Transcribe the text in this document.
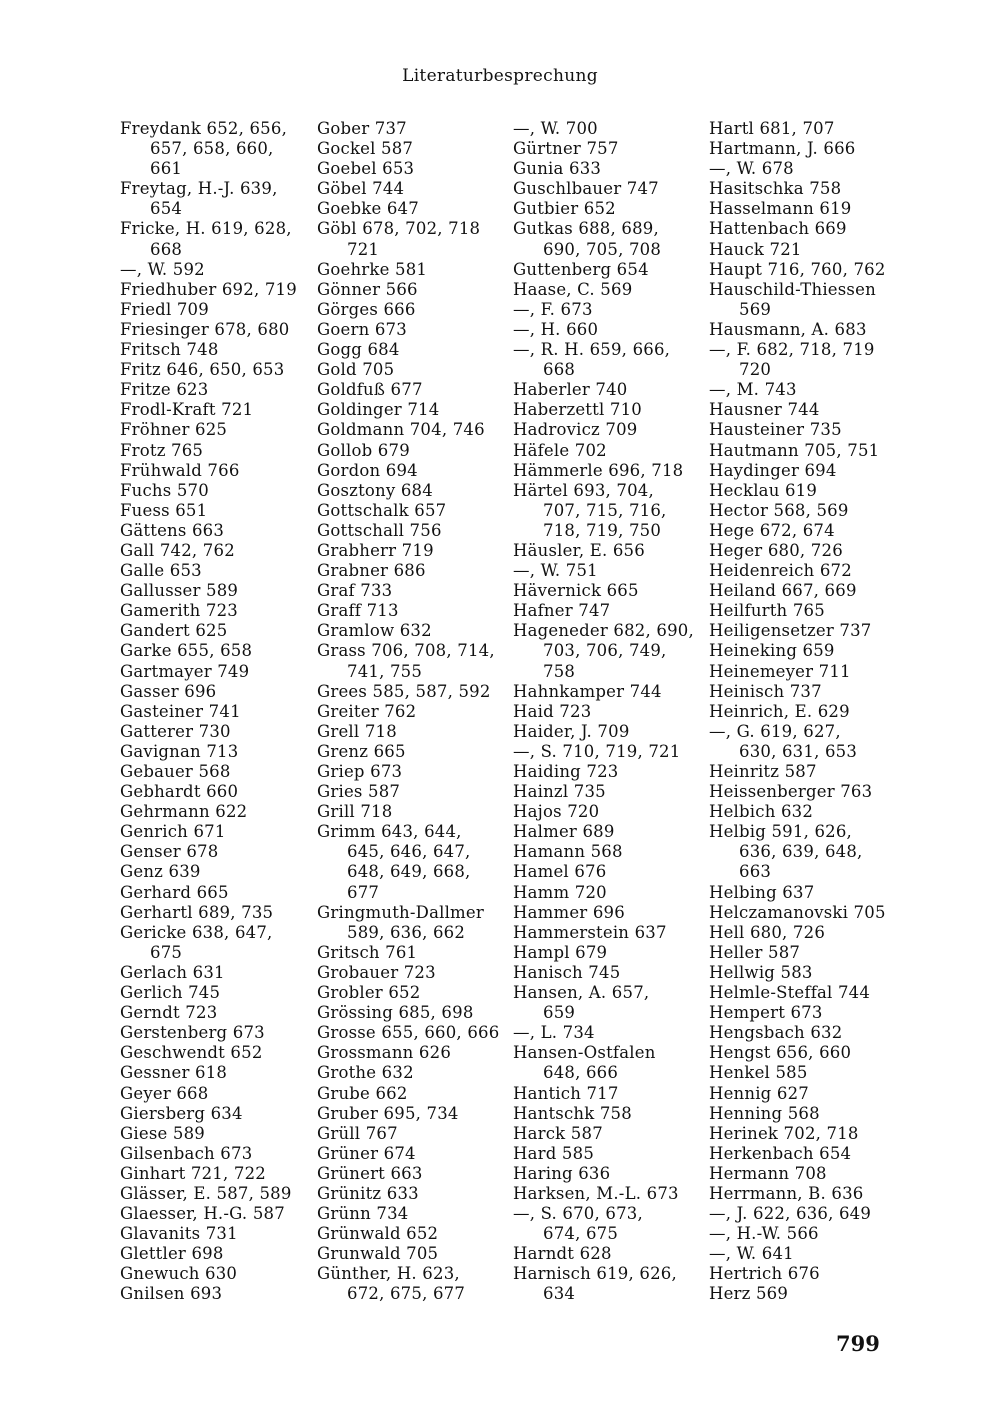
Literaturbesprechung
Freydank 652, 656,
657, 658, 660,
661
Freytag, H.-J. 639,
654
Fricke, H. 619, 628,
668
—, W. 592
Friedhuber 692, 719
Friedl 709
Friesinger 678, 680
Fritsch 748
Fritz 646, 650, 653
Fritze 623
Frodl-Kraft 721
Fröhner 625
Frotz 765
Frühwald 766
Fuchs 570
Fuess 651
Gättens 663
Gall 742, 762
Galle 653
Gallusser 589
Gamerith 723
Gandert 625
Garke 655, 658
Gartmayer 749
Gasser 696
Gasteiner 741
Gatterer 730
Gavignan 713
Gebauer 568
Gebhardt 660
Gehrmann 622
Genrich 671
Genser 678
Genz 639
Gerhard 665
Gerhartl 689, 735
Gericke 638, 647,
675
Gerlach 631
Gerlich 745
Gerndt 723
Gerstenberg 673
Geschwendt 652
Gessner 618
Geyer 668
Giersberg 634
Giese 589
Gilsenbach 673
Ginhart 721, 722
Glässer, E. 587, 589
Glaesser, H.-G. 587
Glavanits 731
Glettler 698
Gnewuch 630
Gnilsen 693
Gober 737
Gockel 587
Goebel 653
Göbel 744
Goebke 647
Göbl 678, 702, 718
721
Goehrke 581
Gönner 566
Görges 666
Goern 673
Gogg 684
Gold 705
Goldfuß 677
Goldinger 714
Goldmann 704, 746
Gollob 679
Gordon 694
Gosztony 684
Gottschalk 657
Gottschall 756
Grabherr 719
Grabner 686
Graf 733
Graff 713
Gramlow 632
Grass 706, 708, 714,
741, 755
Grees 585, 587, 592
Greiter 762
Grell 718
Grenz 665
Griep 673
Gries 587
Grill 718
Grimm 643, 644,
645, 646, 647,
648, 649, 668,
677
Gringmuth-Dallmer
589, 636, 662
Gritsch 761
Grobauer 723
Grobler 652
Grössing 685, 698
Grosse 655, 660, 666
Grossmann 626
Grothe 632
Grube 662
Gruber 695, 734
Grüll 767
Grüner 674
Grünert 663
Grünitz 633
Grünn 734
Grünwald 652
Grunwald 705
Günther, H. 623,
672, 675, 677
—, W. 700
Gürtner 757
Gunia 633
Guschlbauer 747
Gutbier 652
Gutkas 688, 689,
690, 705, 708
Guttenberg 654
Haase, C. 569
—, F. 673
—, H. 660
—, R. H. 659, 666,
668
Haberler 740
Haberzettl 710
Hadrovicz 709
Häfele 702
Hämmerle 696, 718
Härtel 693, 704,
707, 715, 716,
718, 719, 750
Häusler, E. 656
—, W. 751
Hävernick 665
Hafner 747
Hageneder 682, 690,
703, 706, 749,
758
Hahnkamper 744
Haid 723
Haider, J. 709
—, S. 710, 719, 721
Haiding 723
Hainzl 735
Hajos 720
Halmer 689
Hamann 568
Hamel 676
Hamm 720
Hammer 696
Hammerstein 637
Hampl 679
Hanisch 745
Hansen, A. 657,
659
—, L. 734
Hansen-Ostfalen
648, 666
Hantich 717
Hantschk 758
Harck 587
Hard 585
Haring 636
Harksen, M.-L. 673
—, S. 670, 673,
674, 675
Harndt 628
Harnisch 619, 626,
634
Hartl 681, 707
Hartmann, J. 666
—, W. 678
Hasitschka 758
Hasselmann 619
Hattenbach 669
Hauck 721
Haupt 716, 760, 762
Hauschild-Thiessen
569
Hausmann, A. 683
—, F. 682, 718, 719
720
—, M. 743
Hausner 744
Hausteiner 735
Hautmann 705, 751
Haydinger 694
Hecklau 619
Hector 568, 569
Hege 672, 674
Heger 680, 726
Heidenreich 672
Heiland 667, 669
Heilfurth 765
Heiligensetzer 737
Heineking 659
Heinemeyer 711
Heinisch 737
Heinrich, E. 629
—, G. 619, 627,
630, 631, 653
Heinritz 587
Heissenberger 763
Helbich 632
Helbig 591, 626,
636, 639, 648,
663
Helbing 637
Helczamanovski 705
Hell 680, 726
Heller 587
Hellwig 583
Helmle-Steffal 744
Hempert 673
Hengsbach 632
Hengst 656, 660
Henkel 585
Hennig 627
Henning 568
Herinek 702, 718
Herkenbach 654
Hermann 708
Herrmann, B. 636
—, J. 622, 636, 649
—, H.-W. 566
—, W. 641
Hertrich 676
Herz 569
799
